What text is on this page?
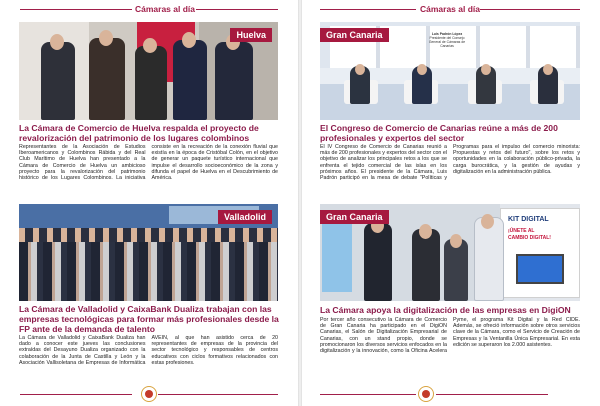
Cámaras al día
Huelva
La Cámara de Comercio de Huelva respalda el proyecto de revalorización del patrimonio de los lugares colombinos

Representantes de la Asociación de Estudios Iberoamericanos y Colombinos Rábida y del Real Club Marítimo de Huelva han presentado a la Cámara de Comercio de Huelva un ambicioso proyecto para la revalorización del patrimonio histórico de los Lugares Colombinos. La iniciativa consiste en la recreación de la conexión fluvial que existía en la época de Cristóbal Colón, en el objetivo de generar un paquete turístico internacional que impulse el desarrollo socioeconómico de la zona y difunda el papel de Huelva en el Descubrimiento de América.

Valladolid
La Cámara de Valladolid y CaixaBank Dualiza trabajan con las empresas tecnológicas para formar más profesionales desde la FP ante de la demanda de talento

La Cámara de Valladolid y CaixaBank Dualiza han dado a conocer este jueves las conclusiones extraídas del Desayuno Dualiza organizado con la colaboración de la Junta de Castilla y León y la Asociación Vallisoletana de Empresas de Informática AVEIN, al que han asistido cerca de 20 representantes de empresas de la provincia del sector tecnológico y responsables de centros educativos con ciclos formativos relacionados con estas profesiones.

Cámaras al día
Luis Padrón López
Presidente del Consejo General de Cámaras de Canarias
Gran Canaria
El Congreso de Comercio de Canarias reúne a más de 200 profesionales y expertos del sector

El IV Congreso de Comercio de Canarias reunió a más de 200 profesionales y expertos del sector con el objetivo de analizar los principales retos a los que se enfrenta el tejido comercial de las islas en los próximos años. El presidente de la Cámara, Luis Padrón participó en la mesa de debate "Políticas y Programas para el impulso del comercio minorista: Propuestas y retos del futuro", sobre los retos y oportunidades en la colaboración público-privada, la carga burocrática, y la gestión de ayudas y digitalización en la administración pública.

KIT DIGITAL
¡ÚNETE AL
CAMBIO DIGITAL!
Gran Canaria
La Cámara apoya la digitalización de las empresas en DigiON

Por tercer año consecutivo la Cámara de Comercio de Gran Canaria ha participado en el DigiON Canarias, el Salón de Digitalización Empresarial de Canarias, con un stand propio, donde se promocionaron los diversos servicios enfocados en la digitalización y la innovación, como la Oficina Acelera Pyme, el programa Kit Digital y la Red CIDE. Además, se ofreció información sobre otros servicios clave de la Cámara, como el Servicio de Creación de Empresas y la Ventanilla Única Empresarial. En esta edición se superaron los 2.000 asistentes.
